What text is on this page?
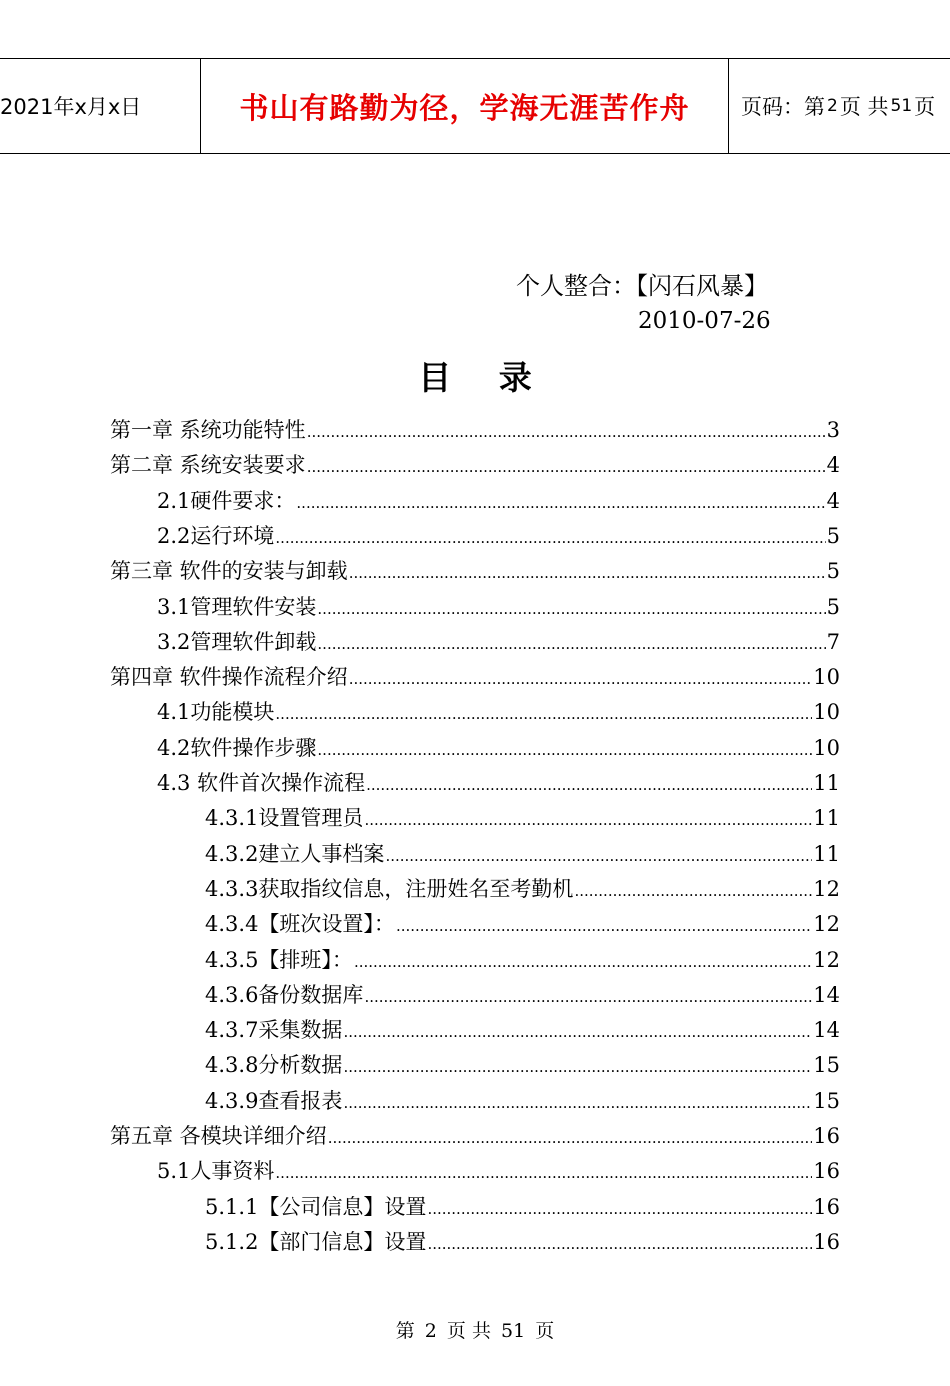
2021年x月x日	书山有路勤为径，学海无涯苦作舟 页码：第 2 页 共 51 页
个人整合：【闪石风暴】
2010-07-26
目 录
第一章 系统功能特性 .....	3
第二章 系统安装要求 .....	4
2.1硬件要求： .....	4
2.2运行环境 .....	5
第三章 软件的安装与卸载 .....	5
3.1管理软件安装 .....	5
3.2管理软件卸载 .....	7
第四章 软件操作流程介绍 .....	10
4.1功能模块 .....	10
4.2软件操作步骤 .....	10
4.3 软件首次操作流程 .....	11
4.3.1设置管理员 .....	11
4.3.2建立人事档案 .....	11
4.3.3获取指纹信息，注册姓名至考勤机 .....	12
4.3.4【班次设置】： .....	12
4.3.5【排班】： .....	12
4.3.6备份数据库 .....	14
4.3.7采集数据 .....	14
4.3.8分析数据 .....	15
4.3.9查看报表 .....	15
第五章 各模块详细介绍 .....	16
5.1人事资料 .....	16
5.1.1【公司信息】设置 .....	16
5.1.2【部门信息】设置 .....	16
第 2 页 共 51 页
